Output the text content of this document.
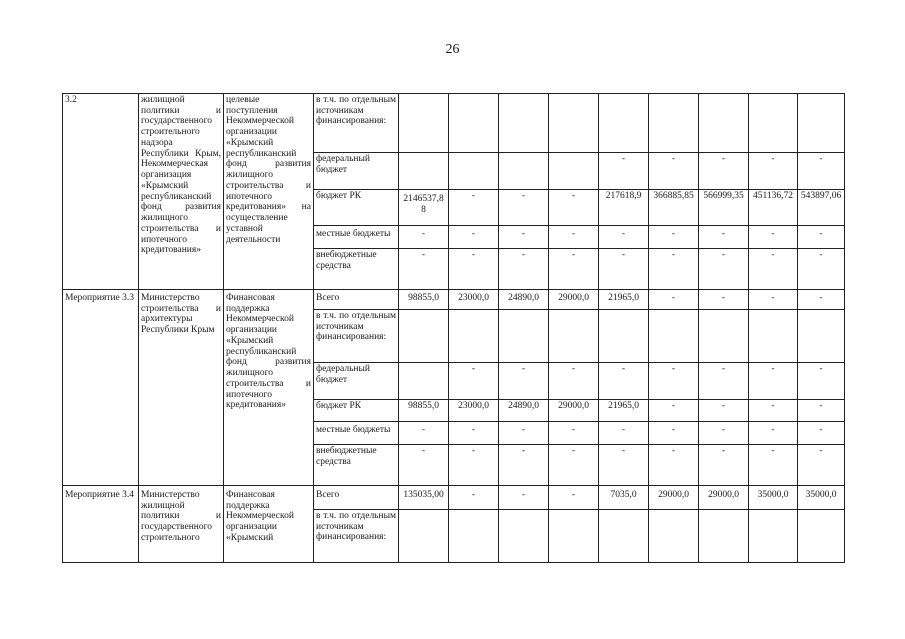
26
3.2	жилищной политики и государственного строительного надзора Республики Крым, Некоммерческая организация «Крымский республиканский фонд развития жилищного строительства и ипотечного кредитования»	целевые поступления Некоммерческой организации «Крымский республиканский фонд развития жилищного строительства и ипотечного кредитования» на осуществление уставной деятельности	в т.ч. по отдельным источникам финансирования:									
			федеральный бюджет					-	-	-	-	-
			бюджет РК	2146537,88	-	-	-	217618,9	366885,85	566999,35	451136,72	543897,06
			местные бюджеты	-	-	-	-	-	-	-	-	-
			внебюджетные средства	-	-	-	-	-	-	-	-	-
Мероприятие 3.3	Министерство строительства и архитектуры Республики Крым	Финансовая поддержка Некоммерческой организации «Крымский республиканский фонд развития жилищного строительства и ипотечного кредитования»	Всего	98855,0	23000,0	24890,0	29000,0	21965,0	-	-	-	-
			в т.ч. по отдельным источникам финансирования:									
			федеральный бюджет		-	-	-	-	-	-	-	-
			бюджет РК	98855,0	23000,0	24890,0	29000,0	21965,0	-	-	-	-
			местные бюджеты	-	-	-	-	-	-	-	-	-
			внебюджетные средства	-	-	-	-	-	-	-	-	-
Мероприятие 3.4	Министерство жилищной политики и государственного строительного	Финансовая поддержка Некоммерческой организации «Крымский	Всего	135035,00	-	-	-	7035,0	29000,0	29000,0	35000,0	35000,0
			в т.ч. по отдельным источникам финансирования:									
